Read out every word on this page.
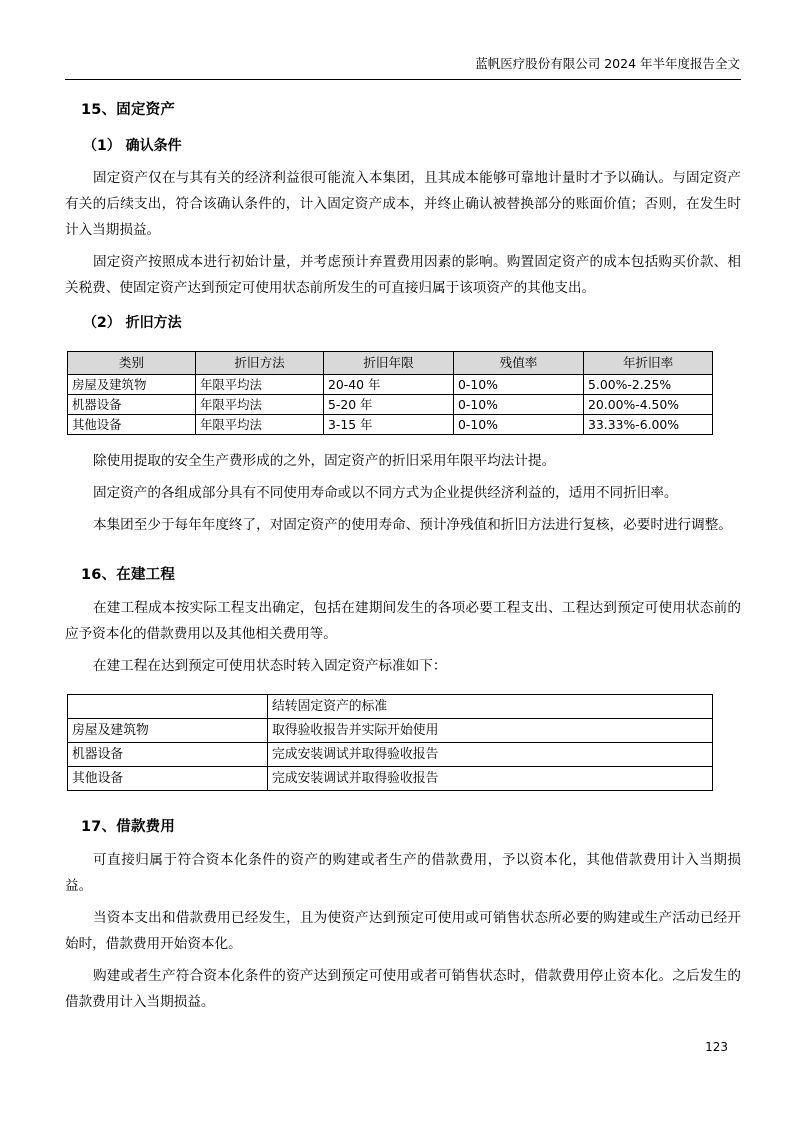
蓝帆医疗股份有限公司 2024 年半年度报告全文
15、固定资产
（1） 确认条件

固定资产仅在与其有关的经济利益很可能流入本集团，且其成本能够可靠地计量时才予以确认。与固定资产有关的后续支出，符合该确认条件的，计入固定资产成本，并终止确认被替换部分的账面价值；否则，在发生时计入当期损益。

固定资产按照成本进行初始计量，并考虑预计弃置费用因素的影响。购置固定资产的成本包括购买价款、相关税费、使固定资产达到预定可使用状态前所发生的可直接归属于该项资产的其他支出。

（2） 折旧方法
类别	折旧方法	折旧年限	残值率	年折旧率
房屋及建筑物	年限平均法	20-40 年	0-10%	5.00%-2.25%
机器设备	年限平均法	5-20 年	0-10%	20.00%-4.50%
其他设备	年限平均法	3-15 年	0-10%	33.33%-6.00%

除使用提取的安全生产费形成的之外，固定资产的折旧采用年限平均法计提。

固定资产的各组成部分具有不同使用寿命或以不同方式为企业提供经济利益的，适用不同折旧率。

本集团至少于每年年度终了，对固定资产的使用寿命、预计净残值和折旧方法进行复核，必要时进行调整。

16、在建工程

在建工程成本按实际工程支出确定，包括在建期间发生的各项必要工程支出、工程达到预定可使用状态前的应予资本化的借款费用以及其他相关费用等。

在建工程在达到预定可使用状态时转入固定资产标准如下：

	结转固定资产的标准
房屋及建筑物	取得验收报告并实际开始使用
机器设备	完成安装调试并取得验收报告
其他设备	完成安装调试并取得验收报告
17、借款费用

可直接归属于符合资本化条件的资产的购建或者生产的借款费用，予以资本化，其他借款费用计入当期损益。

当资本支出和借款费用已经发生，且为使资产达到预定可使用或可销售状态所必要的购建或生产活动已经开始时，借款费用开始资本化。

购建或者生产符合资本化条件的资产达到预定可使用或者可销售状态时，借款费用停止资本化。之后发生的借款费用计入当期损益。

123
